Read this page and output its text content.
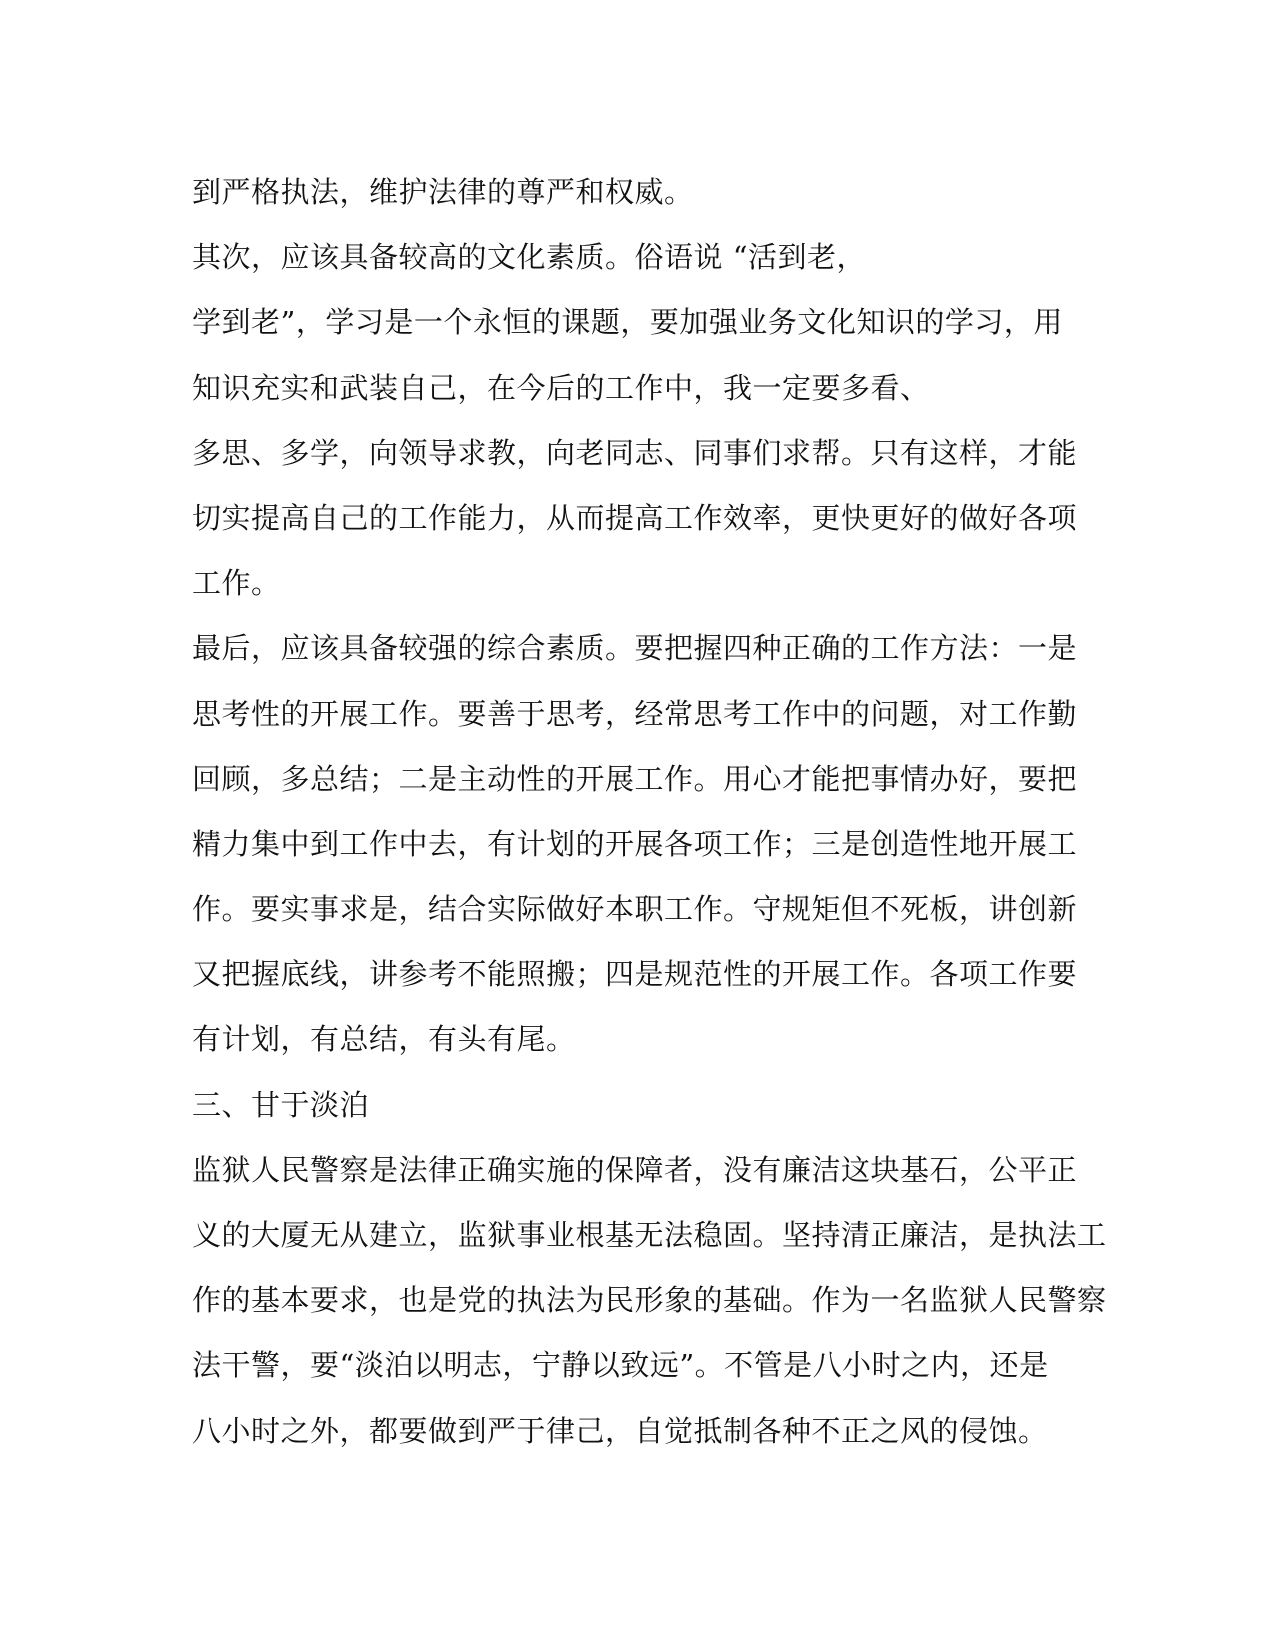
到严格执法，维护法律的尊严和权威。
其次，应该具备较高的文化素质。俗语说 “活到老，
学到老”，学习是一个永恒的课题，要加强业务文化知识的学习，用
知识充实和武装自己，在今后的工作中，我一定要多看、
多思、多学，向领导求教，向老同志、同事们求帮。只有这样，才能
切实提高自己的工作能力，从而提高工作效率，更快更好的做好各项
工作。
最后，应该具备较强的综合素质。要把握四种正确的工作方法：一是
思考性的开展工作。要善于思考，经常思考工作中的问题，对工作勤
回顾，多总结；二是主动性的开展工作。用心才能把事情办好，要把
精力集中到工作中去，有计划的开展各项工作；三是创造性地开展工
作。要实事求是，结合实际做好本职工作。守规矩但不死板，讲创新
又把握底线，讲参考不能照搬；四是规范性的开展工作。各项工作要
有计划，有总结，有头有尾。
三、甘于淡泊
监狱人民警察是法律正确实施的保障者，没有廉洁这块基石，公平正
义的大厦无从建立，监狱事业根基无法稳固。坚持清正廉洁，是执法工
作的基本要求，也是党的执法为民形象的基础。作为一名监狱人民警察
法干警，要“淡泊以明志，宁静以致远”。不管是八小时之内，还是
八小时之外，都要做到严于律己，自觉抵制各种不正之风的侵蚀。
